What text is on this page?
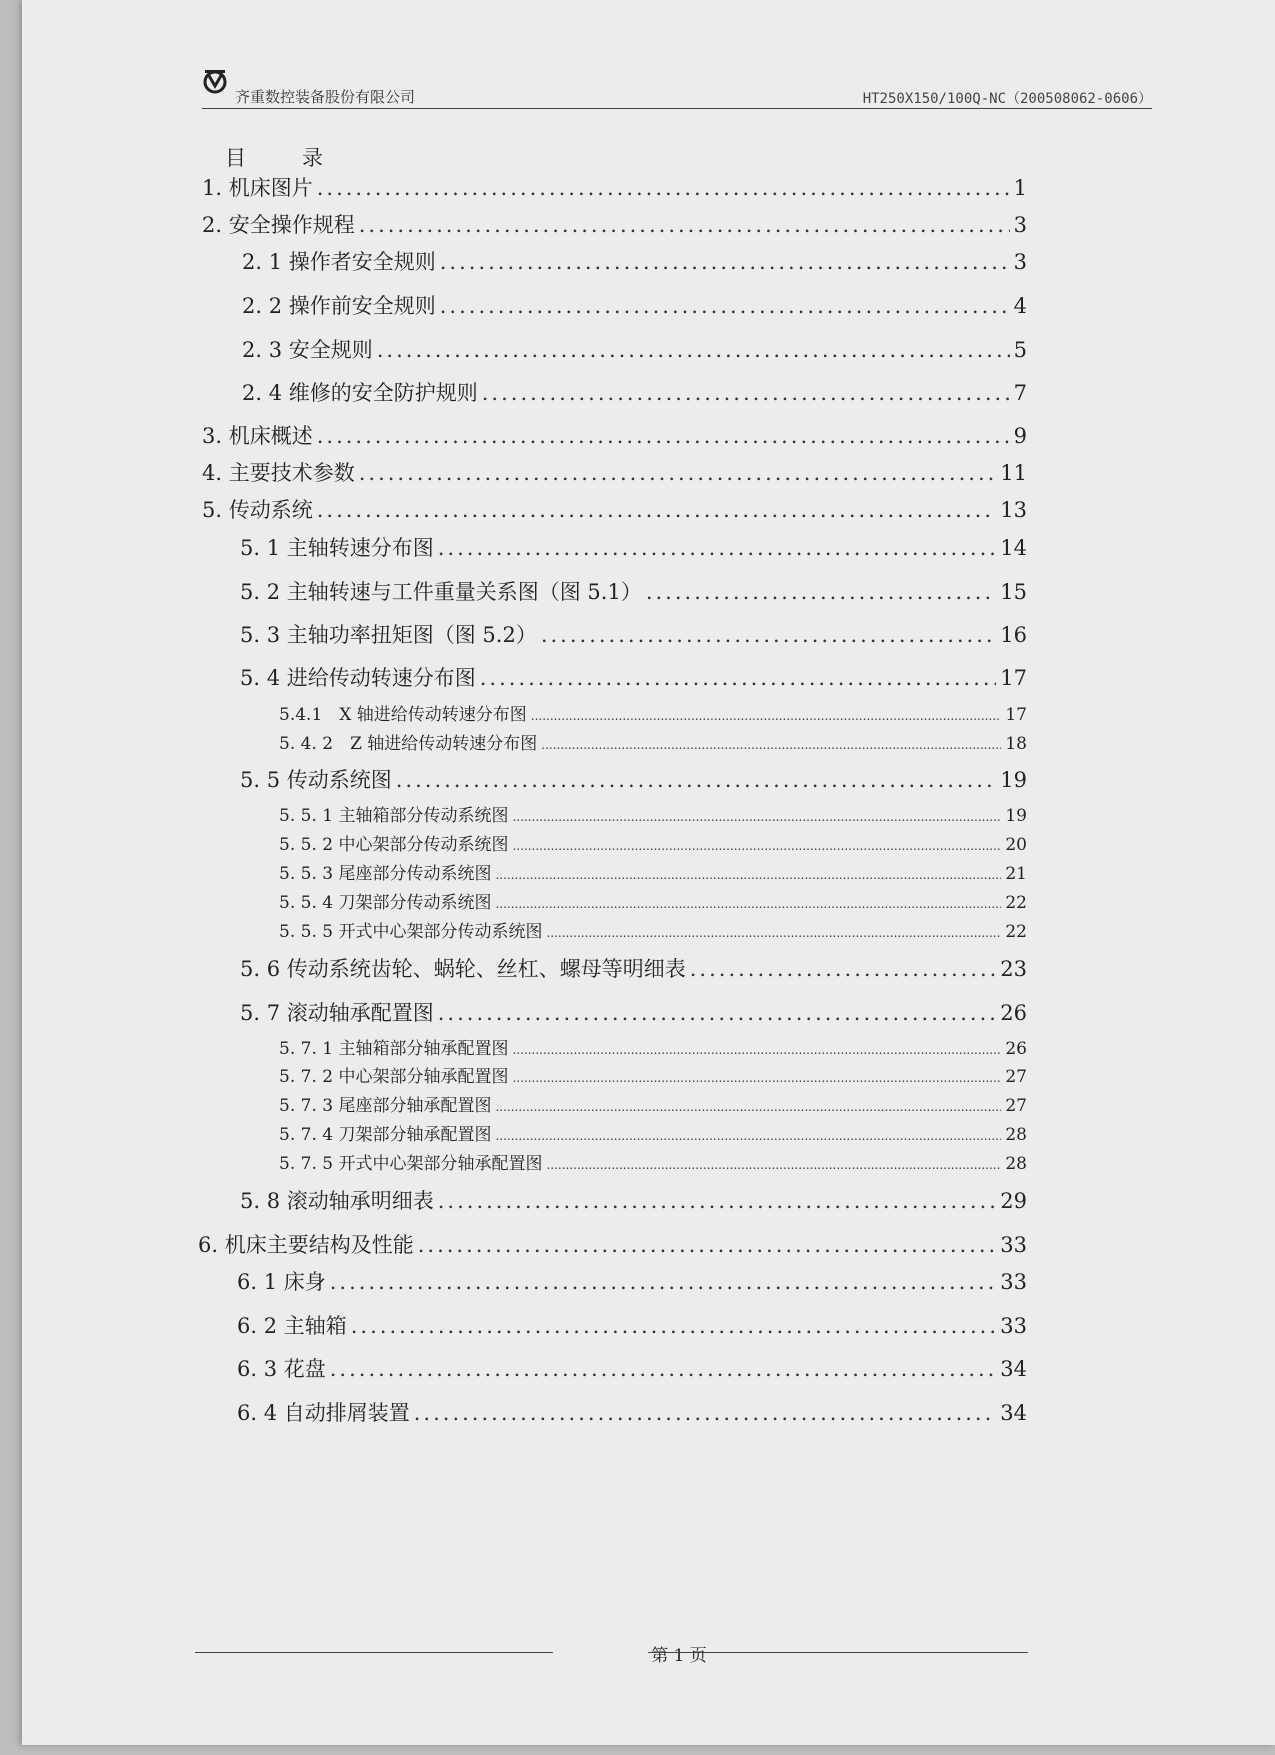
齐重数控装备股份有限公司	HT250X150/100Q-NC（200508062-0606）
目	录
1. 机床图片 .....	1
2. 安全操作规程 .....	3
2. 1 操作者安全规则 .....	3
2. 2 操作前安全规则 .....	4
2. 3 安全规则 .....	5
2. 4 维修的安全防护规则 .....	7
3. 机床概述 .....	9
4. 主要技术参数 .....	11
5. 传动系统 .....	13
5. 1 主轴转速分布图 .....	14
5. 2 主轴转速与工件重量关系图（图 5.1） .....	15
5. 3 主轴功率扭矩图（图 5.2） .....	16
5. 4 进给传动转速分布图 .....	17
5.4.1　X 轴进给传动转速分布图 .....	17
5. 4. 2　Z 轴进给传动转速分布图 .....	18
5. 5 传动系统图 .....	19
5. 5. 1 主轴箱部分传动系统图 .....	19
5. 5. 2 中心架部分传动系统图 .....	20
5. 5. 3 尾座部分传动系统图 .....	21
5. 5. 4 刀架部分传动系统图 .....	22
5. 5. 5 开式中心架部分传动系统图 .....	22
5. 6 传动系统齿轮、蜗轮、丝杠、螺母等明细表 .....	23
5. 7 滚动轴承配置图 .....	26
5. 7. 1 主轴箱部分轴承配置图 .....	26
5. 7. 2 中心架部分轴承配置图 .....	27
5. 7. 3 尾座部分轴承配置图 .....	27
5. 7. 4 刀架部分轴承配置图 .....	28
5. 7. 5 开式中心架部分轴承配置图 .....	28
5. 8 滚动轴承明细表 .....	29
6. 机床主要结构及性能 .....	33
6. 1 床身 .....	33
6. 2 主轴箱 .....	33
6. 3 花盘 .....	34
6. 4 自动排屑装置 .....	34
第 1 页
